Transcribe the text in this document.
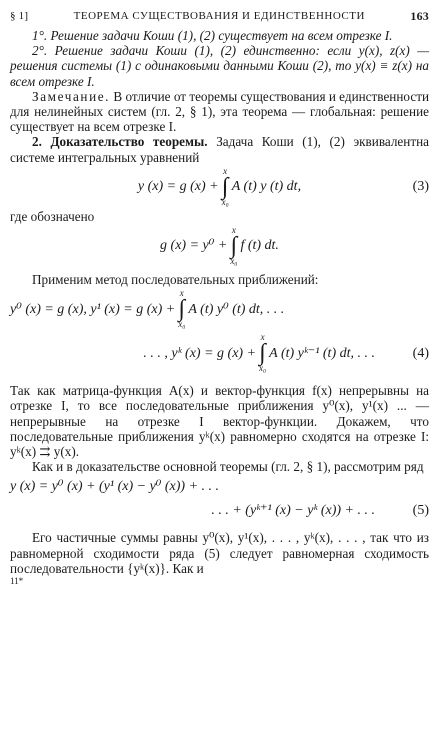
§ 1]	ТЕОРЕМА СУЩЕСТВОВАНИЯ И ЕДИНСТВЕННОСТИ	163

1°. Решение задачи Коши (1), (2) существует на всем отрезке I.

2°. Решение задачи Коши (1), (2) единственно: если y(x), z(x) — решения системы (1) с одинаковыми данными Коши (2), то y(x) ≡ z(x) на всем отрезке I.

Замечание. В отличие от теоремы существования и единственности для нелинейных систем (гл. 2, § 1), эта теорема — глобальная: решение существует на всем отрезке I.

2. Доказательство теоремы. Задача Коши (1), (2) эквивалентна системе интегральных уравнений

y (x) = g (x) +
x
∫
x₀
A (t) y (t) dt,	(3)

где обозначено

g (x) = y⁰ +
x
∫
x₀
f (t) dt.

Применим метод последовательных приближений:

y⁰ (x) = g (x), y¹ (x) = g (x) +
x
∫
x₀
A (t) y⁰ (t) dt, . . .
. . . , yᵏ (x) = g (x) +
x
∫
x₀
A (t) yᵏ⁻¹ (t) dt, . . .	(4)

Так как матрица-функция A(x) и вектор-функция f(x) непрерывны на отрезке I, то все последовательные приближения y⁰(x), y¹(x) ... — непрерывные на отрезке I вектор-функции. Докажем, что последовательные приближения yᵏ(x) равномерно сходятся на отрезке I: yᵏ(x) ⇉ y(x).

Как и в доказательстве основной теоремы (гл. 2, § 1), рассмотрим ряд

y (x) = y⁰ (x) + (y¹ (x) − y⁰ (x)) + . . .
. . . + (yᵏ⁺¹ (x) − yᵏ (x)) + . . .	(5)

Его частичные суммы равны y⁰(x), y¹(x), . . . , yᵏ(x), . . . , так что из равномерной сходимости ряда (5) следует равномерная сходимость последовательности {yᵏ(x)}. Как и

11*
